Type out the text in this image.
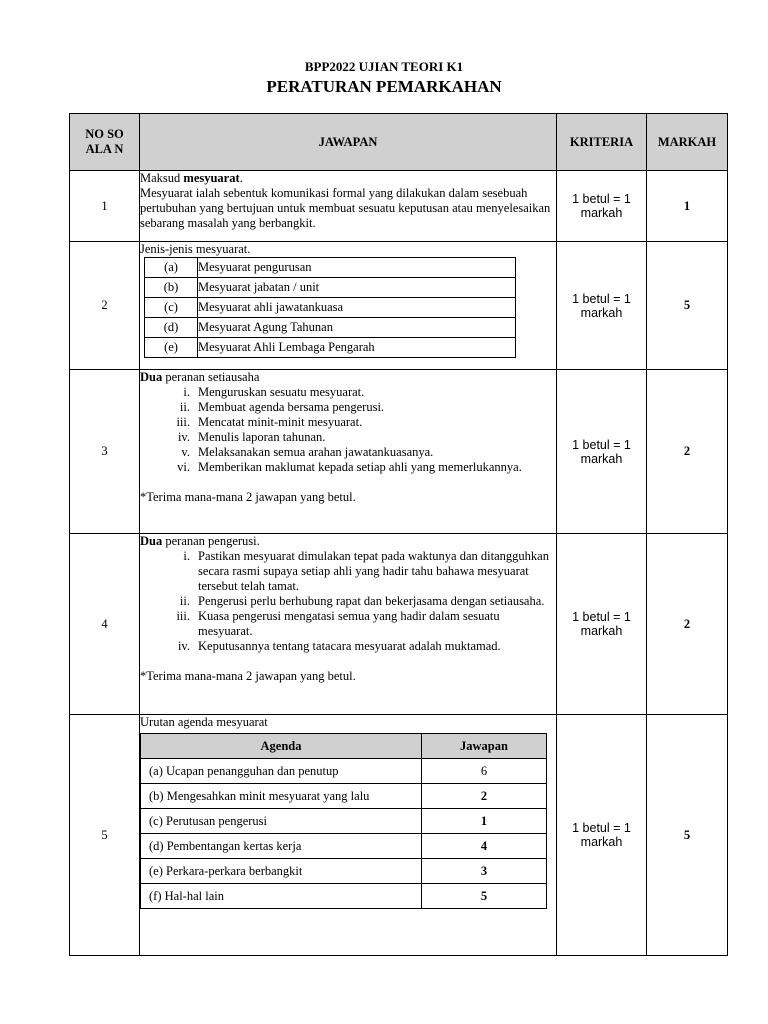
BPP2022 UJIAN TEORI K1
PERATURAN PEMARKAHAN
NO SOALA N
	JAWAPAN	KRITERIA	MARKAH
1	
Maksud mesyuarat.
Mesyuarat ialah sebentuk komunikasi formal yang dilakukan dalam sesebuah pertubuhan yang bertujuan untuk membuat sesuatu keputusan atau menyelesaikan sebarang masalah yang berbangkit.
	1 betul = 1 markah	1
2	
Jenis-jenis mesyuarat.
(a)	Mesyuarat pengurusan
(b)	Mesyuarat jabatan / unit
(c)	Mesyuarat ahli jawatankuasa
(d)	Mesyuarat Agung Tahunan
(e)	Mesyuarat Ahli Lembaga Pengarah
	1 betul = 1 markah	5
3	
Dua peranan setiausaha
i. Menguruskan sesuatu mesyuarat.
ii. Membuat agenda bersama pengerusi.
iii. Mencatat minit-minit mesyuarat.
iv. Menulis laporan tahunan.
v. Melaksanakan semua arahan jawatankuasanya.
vi. Memberikan maklumat kepada setiap ahli yang memerlukannya.
*Terima mana-mana 2 jawapan yang betul.
	1 betul = 1 markah	2
4	
Dua peranan pengerusi.
i. Pastikan mesyuarat dimulakan tepat pada waktunya dan ditangguhkan secara rasmi supaya setiap ahli yang hadir tahu bahawa mesyuarat tersebut telah tamat.
ii. Pengerusi perlu berhubung rapat dan bekerjasama dengan setiausaha.
iii. Kuasa pengerusi mengatasi semua yang hadir dalam sesuatu mesyuarat.
iv. Keputusannya tentang tatacara mesyuarat adalah muktamad.
*Terima mana-mana 2 jawapan yang betul.
	1 betul = 1 markah	2
5	
Urutan agenda mesyuarat
Agenda	Jawapan
(a) Ucapan penangguhan dan penutup	6
(b) Mengesahkan minit mesyuarat yang lalu	2
(c) Perutusan pengerusi	1
(d) Pembentangan kertas kerja	4
(e) Perkara-perkara berbangkit	3
(f) Hal-hal lain	5
	1 betul = 1 markah	5
